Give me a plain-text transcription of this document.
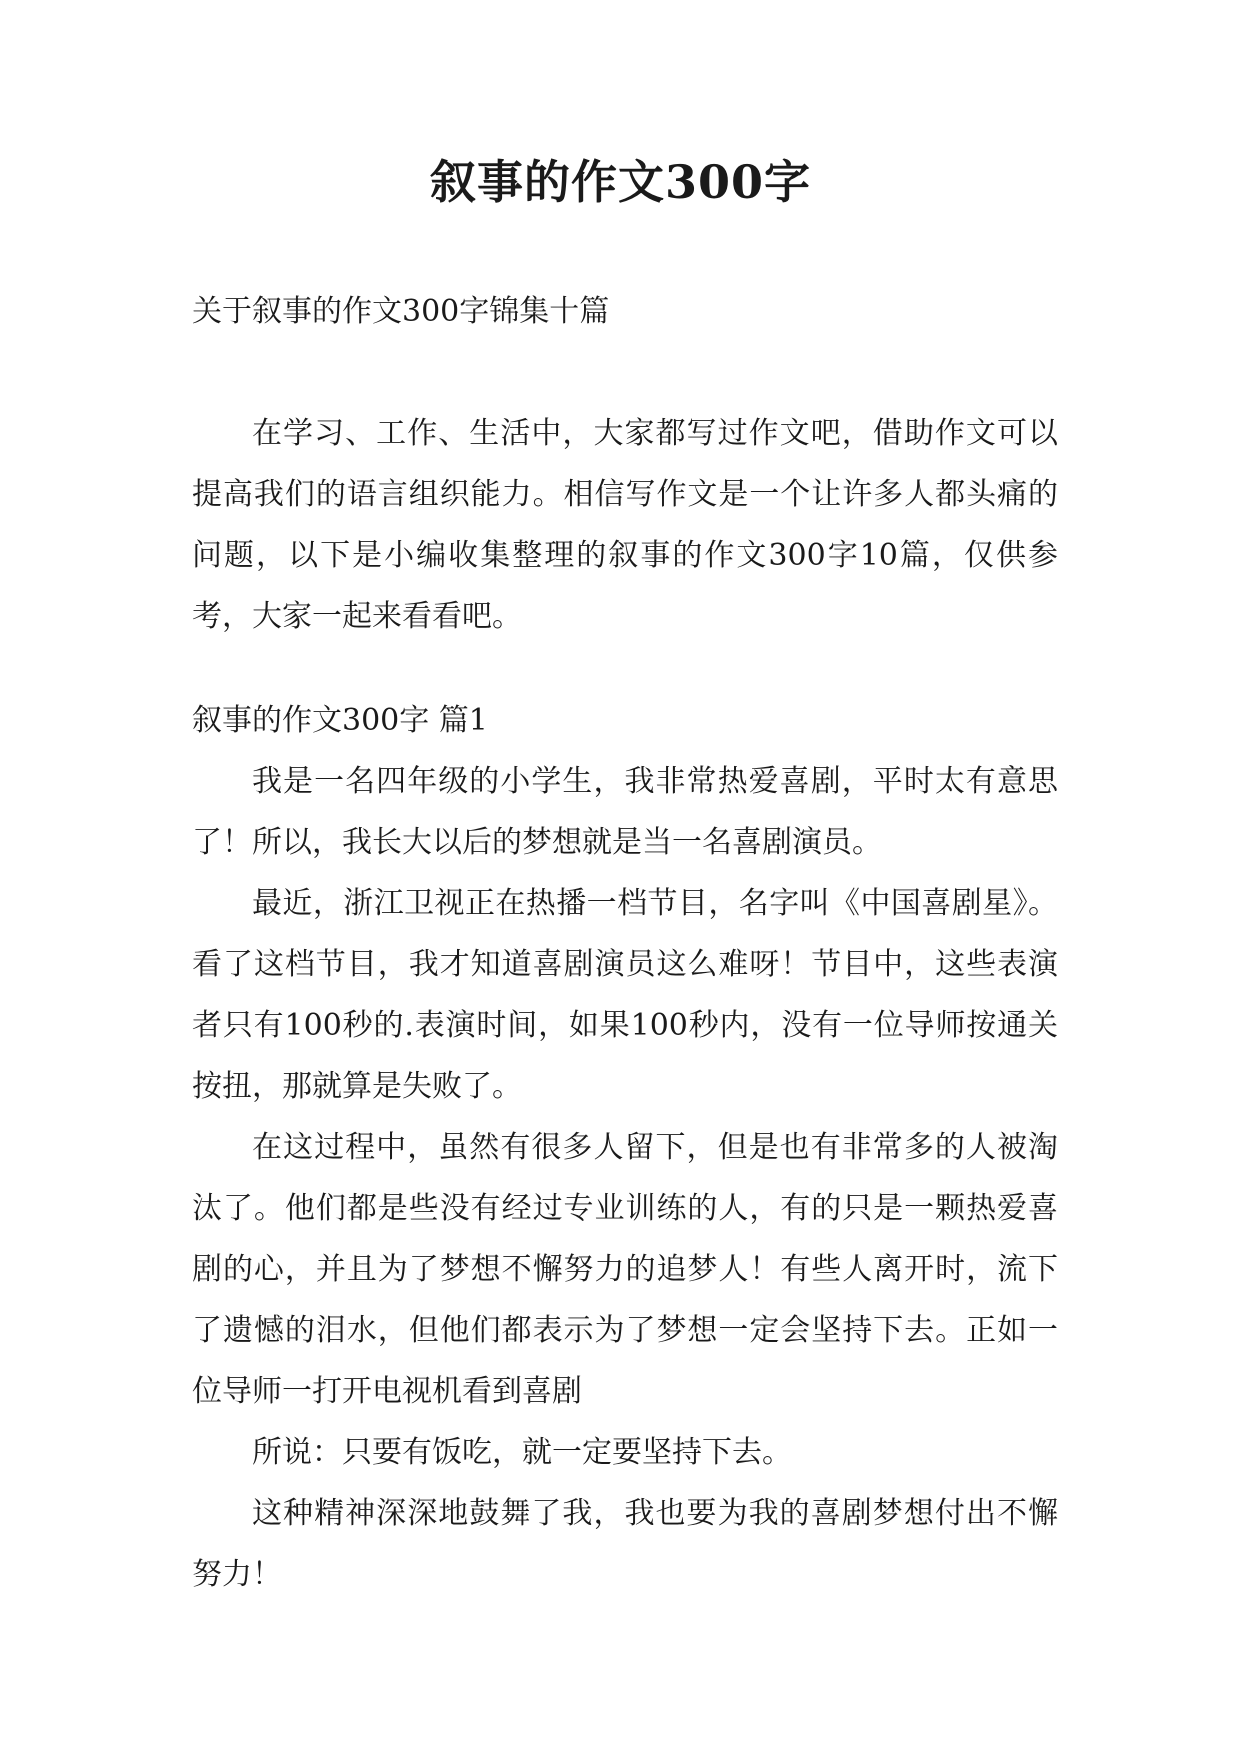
叙事的作文300字
关于叙事的作文300字锦集十篇

在学习、工作、生活中，大家都写过作文吧，借助作文可以提高我们的语言组织能力。相信写作文是一个让许多人都头痛的问题，以下是小编收集整理的叙事的作文300字10篇，仅供参考，大家一起来看看吧。

叙事的作文300字 篇1

我是一名四年级的小学生，我非常热爱喜剧，平时太有意思了！所以，我长大以后的梦想就是当一名喜剧演员。

最近，浙江卫视正在热播一档节目，名字叫《中国喜剧星》。看了这档节目，我才知道喜剧演员这么难呀！节目中，这些表演者只有100秒的.表演时间，如果100秒内，没有一位导师按通关按扭，那就算是失败了。

在这过程中，虽然有很多人留下，但是也有非常多的人被淘汰了。他们都是些没有经过专业训练的人，有的只是一颗热爱喜剧的心，并且为了梦想不懈努力的追梦人！有些人离开时，流下了遗憾的泪水，但他们都表示为了梦想一定会坚持下去。正如一位导师一打开电视机看到喜剧

所说：只要有饭吃，就一定要坚持下去。

这种精神深深地鼓舞了我，我也要为我的喜剧梦想付出不懈努力！
